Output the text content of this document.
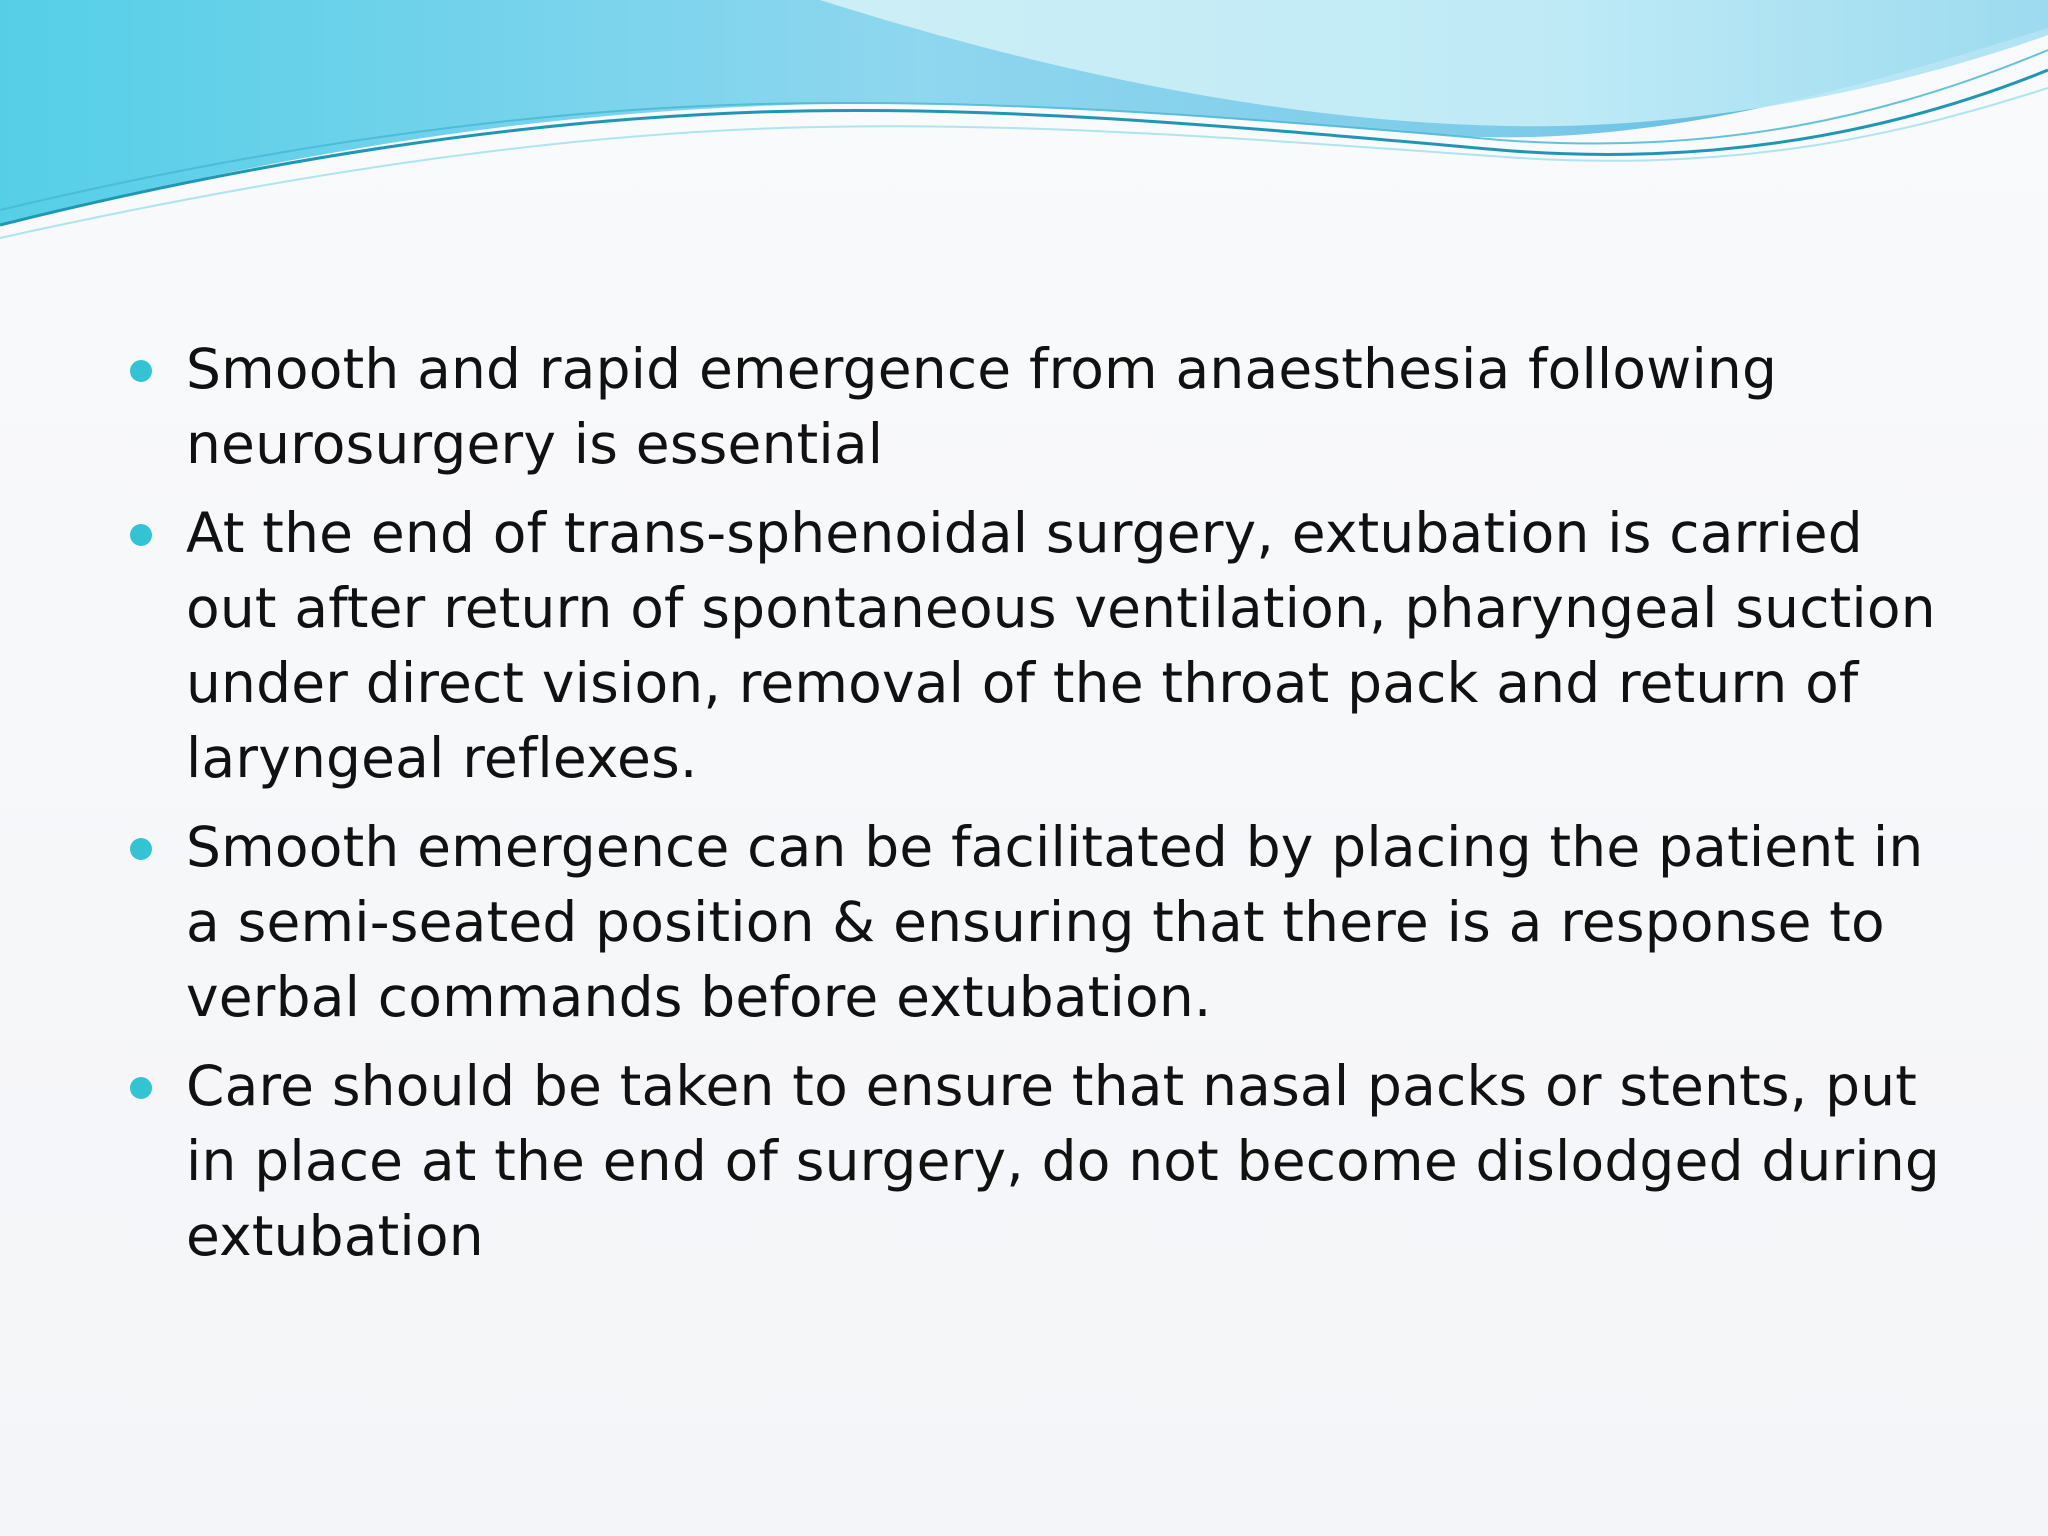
Smooth and rapid emergence from anaesthesia following neurosurgery is essential
At the end of trans-sphenoidal surgery, extubation is carried out after return of spontaneous ventilation, pharyngeal suction under direct vision, removal of the throat pack and return of laryngeal reflexes.
Smooth emergence can be facilitated by placing the patient in a semi-seated position & ensuring that there is a response to verbal commands before extubation.
Care should be taken to ensure that nasal packs or stents, put in place at the end of surgery, do not become dislodged during extubation
